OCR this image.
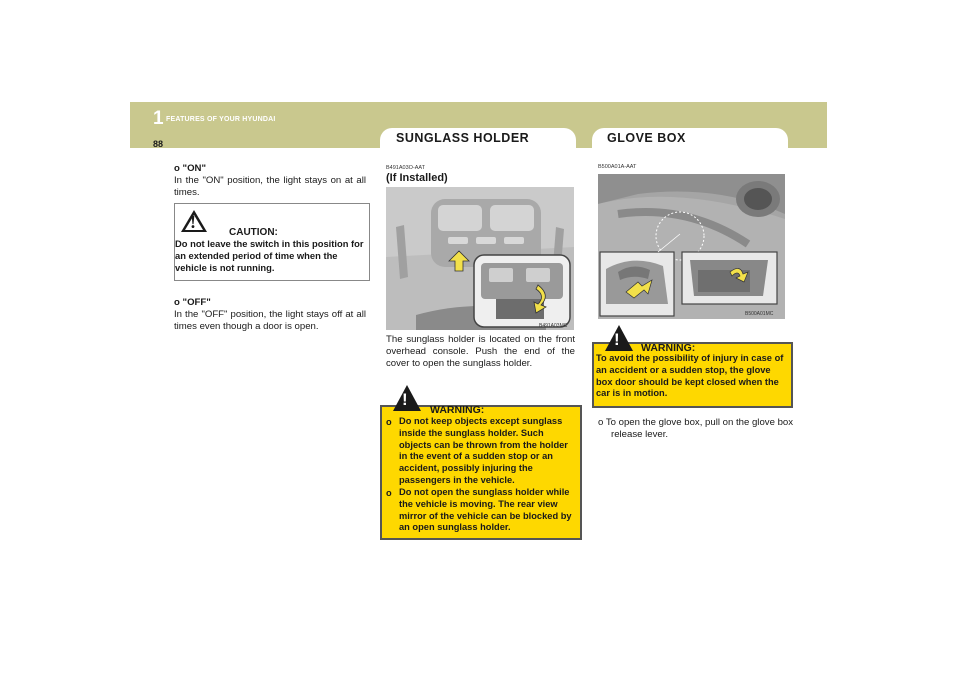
1 FEATURES OF YOUR HYUNDAI
88	SUNGLASS HOLDER	GLOVE BOX
o "ON"
In the "ON" position, the light stays on at all times.
!
CAUTION:
Do not leave the switch in this position for an extended period of time when the vehicle is not running.
o "OFF"
In the "OFF" position, the light stays off at all times even though a door is open.
B491A03O-AAT
(If Installed)
B491A03MC
The sunglass holder is located on the front overhead console. Push the end of the cover to open the sunglass holder.
!
WARNING:
o Do not keep objects except sunglass inside the sunglass holder. Such objects can be thrown from the holder in the event of a sudden stop or an accident, possibly injuring the passengers in the vehicle.
o Do not open the sunglass holder while the vehicle is moving. The rear view mirror of the vehicle can be blocked by an open sunglass holder.
B500A01A-AAT
B500A01MC
! WARNING:
To avoid the possibility of injury in case of an accident or a sudden stop, the glove box door should be kept closed when the car is in motion.
o To open the glove box, pull on the glove box release lever.
